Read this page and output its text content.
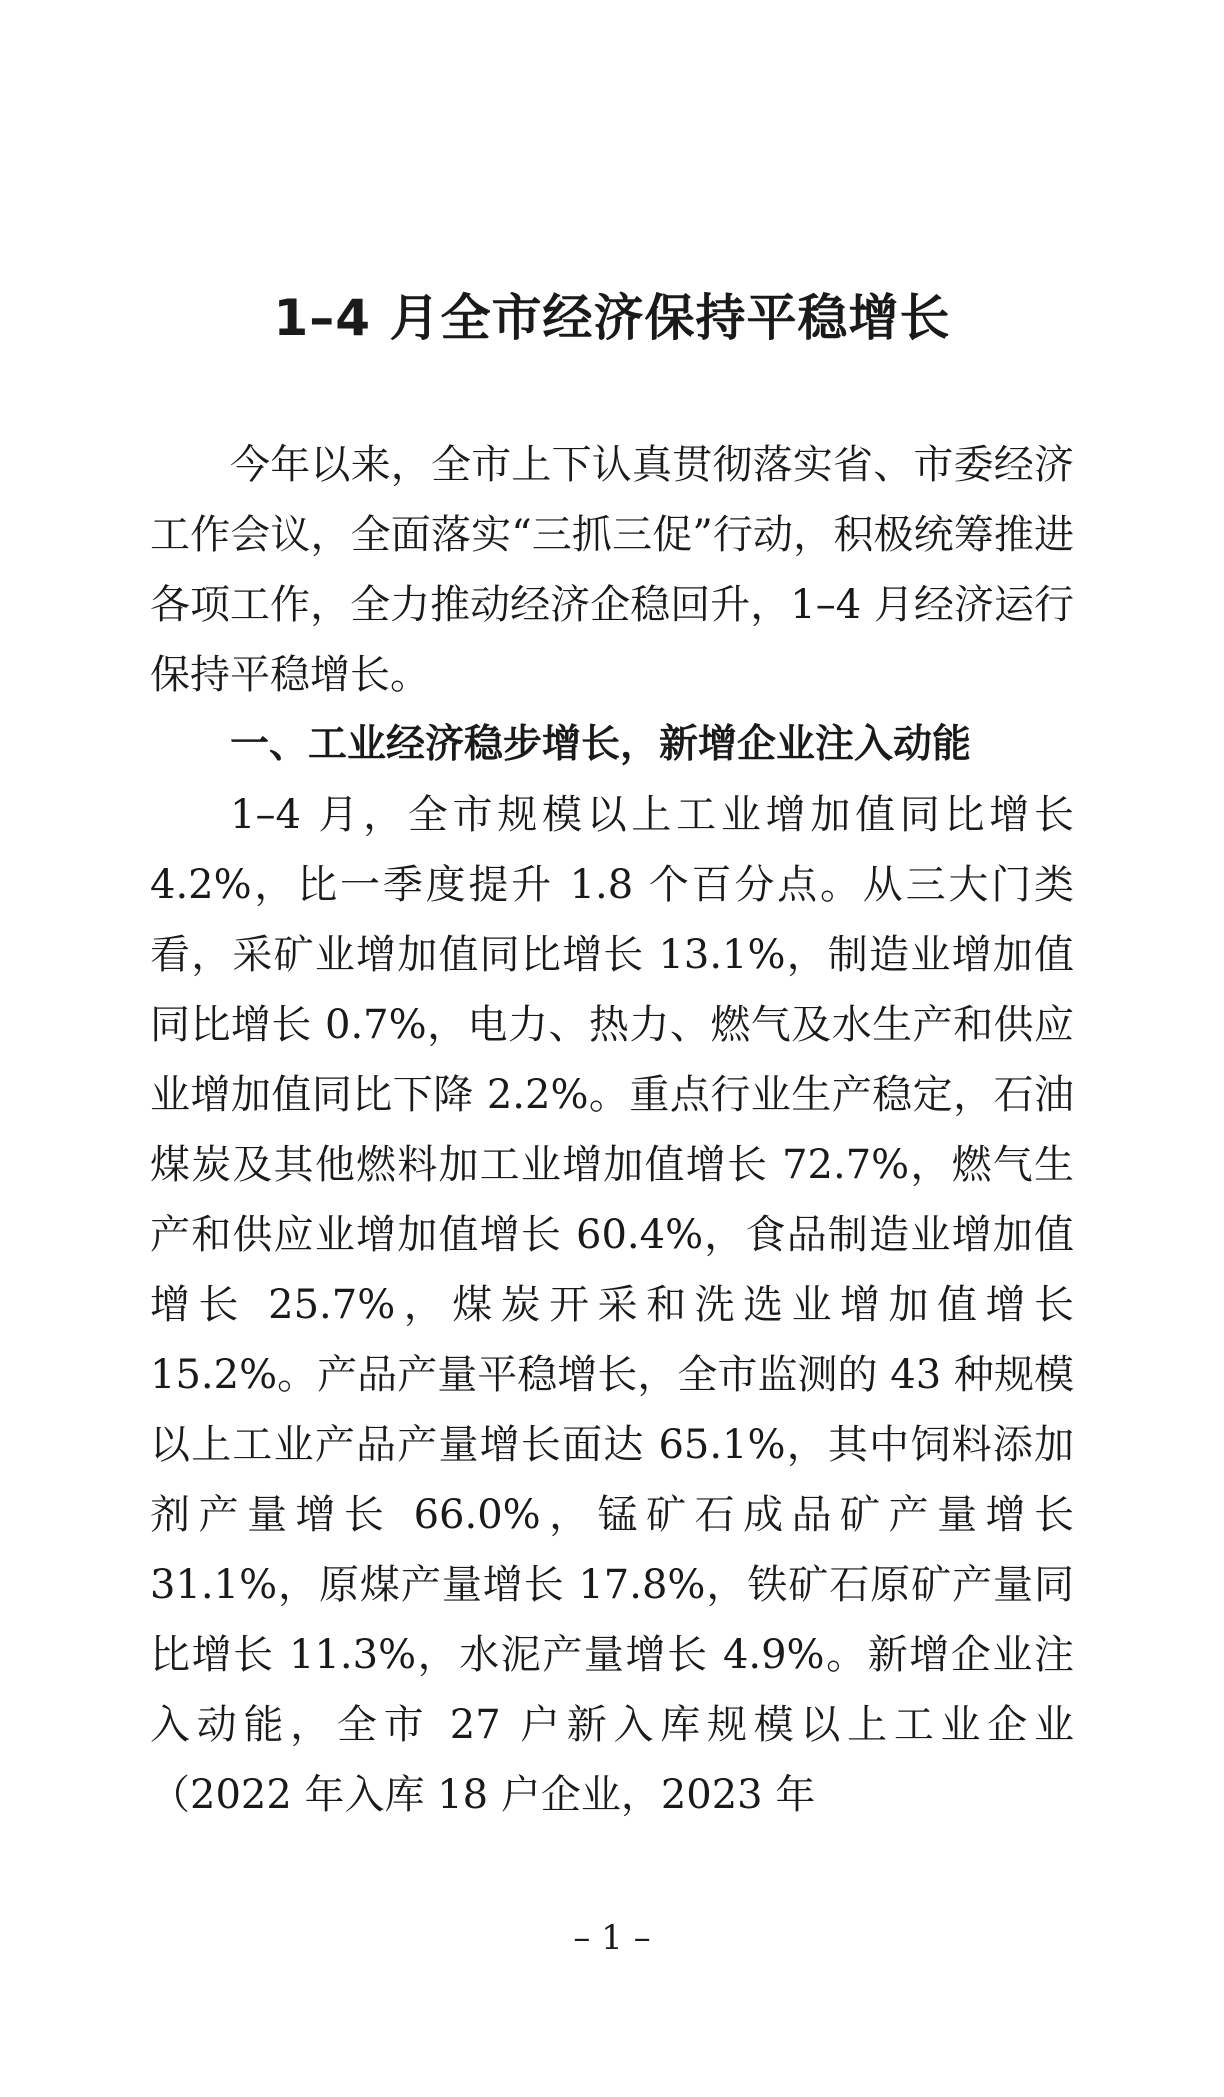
1–4 月全市经济保持平稳增长

今年以来，全市上下认真贯彻落实省、市委经济工作会议，全面落实“三抓三促”行动，积极统筹推进各项工作，全力推动经济企稳回升，1–4 月经济运行保持平稳增长。

一、工业经济稳步增长，新增企业注入动能

1–4 月，全市规模以上工业增加值同比增长 4.2%，比一季度提升 1.8 个百分点。从三大门类看，采矿业增加值同比增长 13.1%，制造业增加值同比增长 0.7%，电力、热力、燃气及水生产和供应业增加值同比下降 2.2%。重点行业生产稳定，石油煤炭及其他燃料加工业增加值增长 72.7%，燃气生产和供应业增加值增长 60.4%，食品制造业增加值增长 25.7%，煤炭开采和洗选业增加值增长 15.2%。产品产量平稳增长，全市监测的 43 种规模以上工业产品产量增长面达 65.1%，其中饲料添加剂产量增长 66.0%，锰矿石成品矿产量增长 31.1%，原煤产量增长 17.8%，铁矿石原矿产量同比增长 11.3%，水泥产量增长 4.9%。新增企业注入动能，全市 27 户新入库规模以上工业企业（2022 年入库 18 户企业，2023 年

– 1 –
